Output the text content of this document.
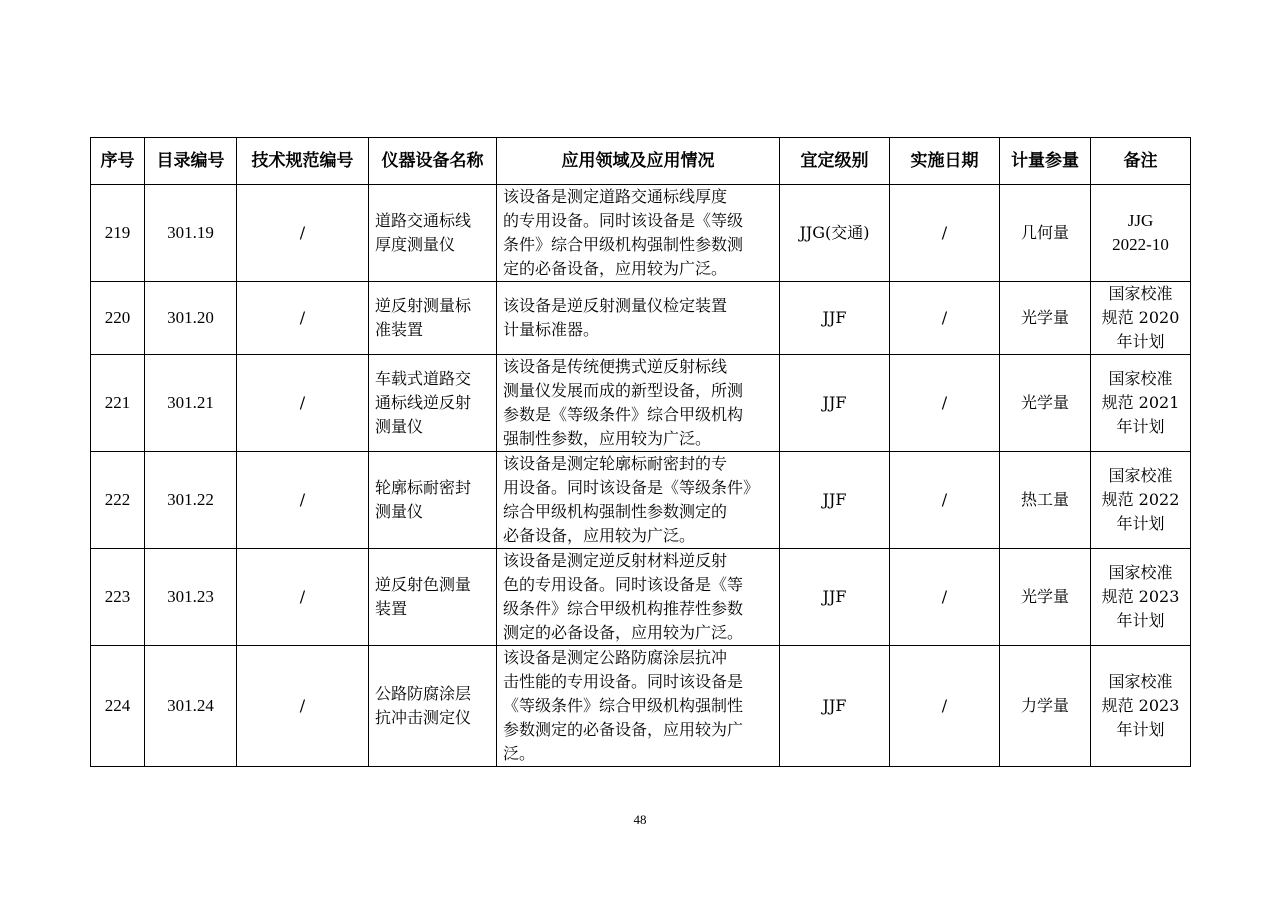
序号	目录编号	技术规范编号	仪器设备名称	应用领域及应用情况	宜定级别	实施日期	计量参量	备注
219	301.19	/	道路交通标线
厚度测量仪	该设备是测定道路交通标线厚度
的专用设备。同时该设备是《等级
条件》综合甲级机构强制性参数测
定的必备设备，应用较为广泛。	JJG(交通)	/	几何量	JJG
2022-10
220	301.20	/	逆反射测量标
准装置	该设备是逆反射测量仪检定装置
计量标准器。	JJF	/	光学量	国家校准
规范 2020
年计划
221	301.21	/	车载式道路交
通标线逆反射
测量仪	该设备是传统便携式逆反射标线
测量仪发展而成的新型设备，所测
参数是《等级条件》综合甲级机构
强制性参数，应用较为广泛。	JJF	/	光学量	国家校准
规范 2021
年计划
222	301.22	/	轮廓标耐密封
测量仪	该设备是测定轮廓标耐密封的专
用设备。同时该设备是《等级条件》
综合甲级机构强制性参数测定的
必备设备，应用较为广泛。	JJF	/	热工量	国家校准
规范 2022
年计划
223	301.23	/	逆反射色测量
装置	该设备是测定逆反射材料逆反射
色的专用设备。同时该设备是《等
级条件》综合甲级机构推荐性参数
测定的必备设备，应用较为广泛。	JJF	/	光学量	国家校准
规范 2023
年计划
224	301.24	/	公路防腐涂层
抗冲击测定仪	该设备是测定公路防腐涂层抗冲
击性能的专用设备。同时该设备是
《等级条件》综合甲级机构强制性
参数测定的必备设备，应用较为广
泛。	JJF	/	力学量	国家校准
规范 2023
年计划
48
